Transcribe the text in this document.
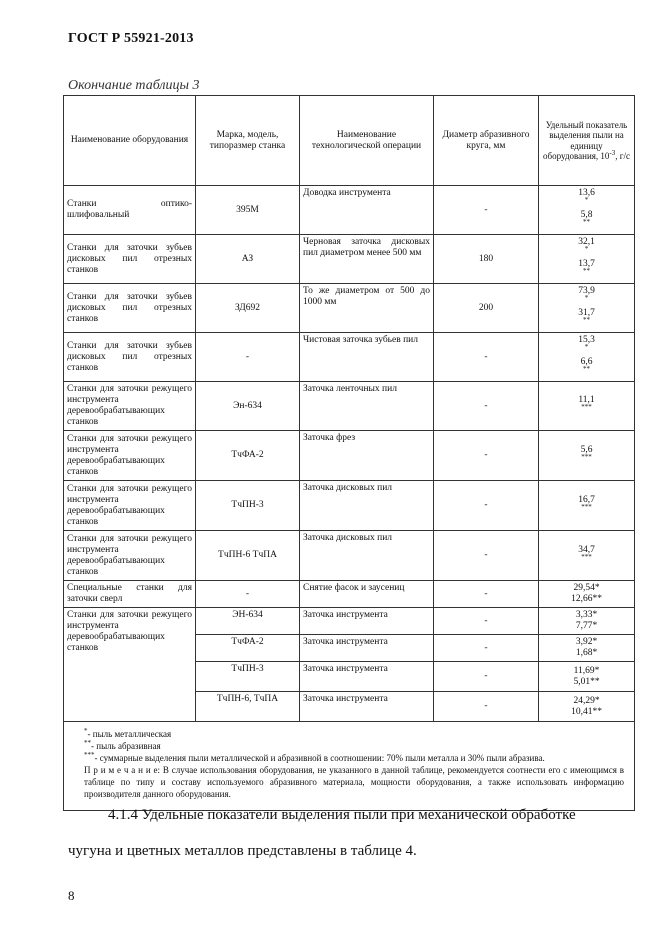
ГОСТ Р 55921-2013
Окончание таблицы 3
Наименование оборудования	Марка, модель, типоразмер станка	Наименование технологической операции	Диаметр абразивного круга, мм	Удельный показатель выделения пыли на единицу оборудования, $10^{-3}$, г/с
Станки оптико-шлифовальный	395М	Доводка инструмента	-	13,6
*
5,8
**

Станки для заточки зубьев дисковых пил отрезных станков	АЗ	Черновая заточка дисковых пил диаметром менее 500 мм	180	32,1
*
13,7
**

Станки для заточки зубьев дисковых пил отрезных станков	ЗД692	То же диаметром от 500 до 1000 мм	200	73,9
*
31,7
**

Станки для заточки зубьев дисковых пил отрезных станков	-	Чистовая заточка зубьев пил	-	15,3
*
6,6
**

Станки для заточки режущего инструмента деревообрабатывающих станков	Эн-634	Заточка ленточных пил	-	11,1
***

Станки для заточки режущего инструмента деревообрабатывающих станков	ТчФА-2	Заточка фрез	-	5,6
***

Станки для заточки режущего инструмента деревообрабатывающих станков	ТчПН-3	Заточка дисковых пил	-	16,7
***

Станки для заточки режущего инструмента деревообрабатывающих станков	ТчПН-6 ТчПА	Заточка дисковых пил	-	34,7
***

Специальные станки для заточки сверл	-	Снятие фасок и заусениц	-	29,54*
12,66**

Станки для заточки режущего инструмента деревообрабатывающих станков	ЭН-634	Заточка инструмента	-	3,33*
7,77*

	ТчФА-2	Заточка инструмента	-	3,92*
1,68*

	ТчПН-3	Заточка инструмента	-	11,69*
5,01**

	ТчПН-6, ТчПА	Заточка инструмента	-	24,29*
10,41**

*- пыль металлическая
**- пыль абразивная
***- суммарные выделения пыли металлической и абразивной в соотношении: 70% пыли металла и 30% пыли абразива.
П р и м е ч а н и е: В случае использования оборудования, не указанного в данной таблице, рекомендуется соотнести его с имеющимся в таблице по типу и составу используемого абразивного материала, мощности оборудования, а также использовать информацию производителя данного оборудования.				
4.1.4 Удельные показатели выделения пыли при механической обработке
чугуна и цветных металлов представлены в таблице 4.
8
